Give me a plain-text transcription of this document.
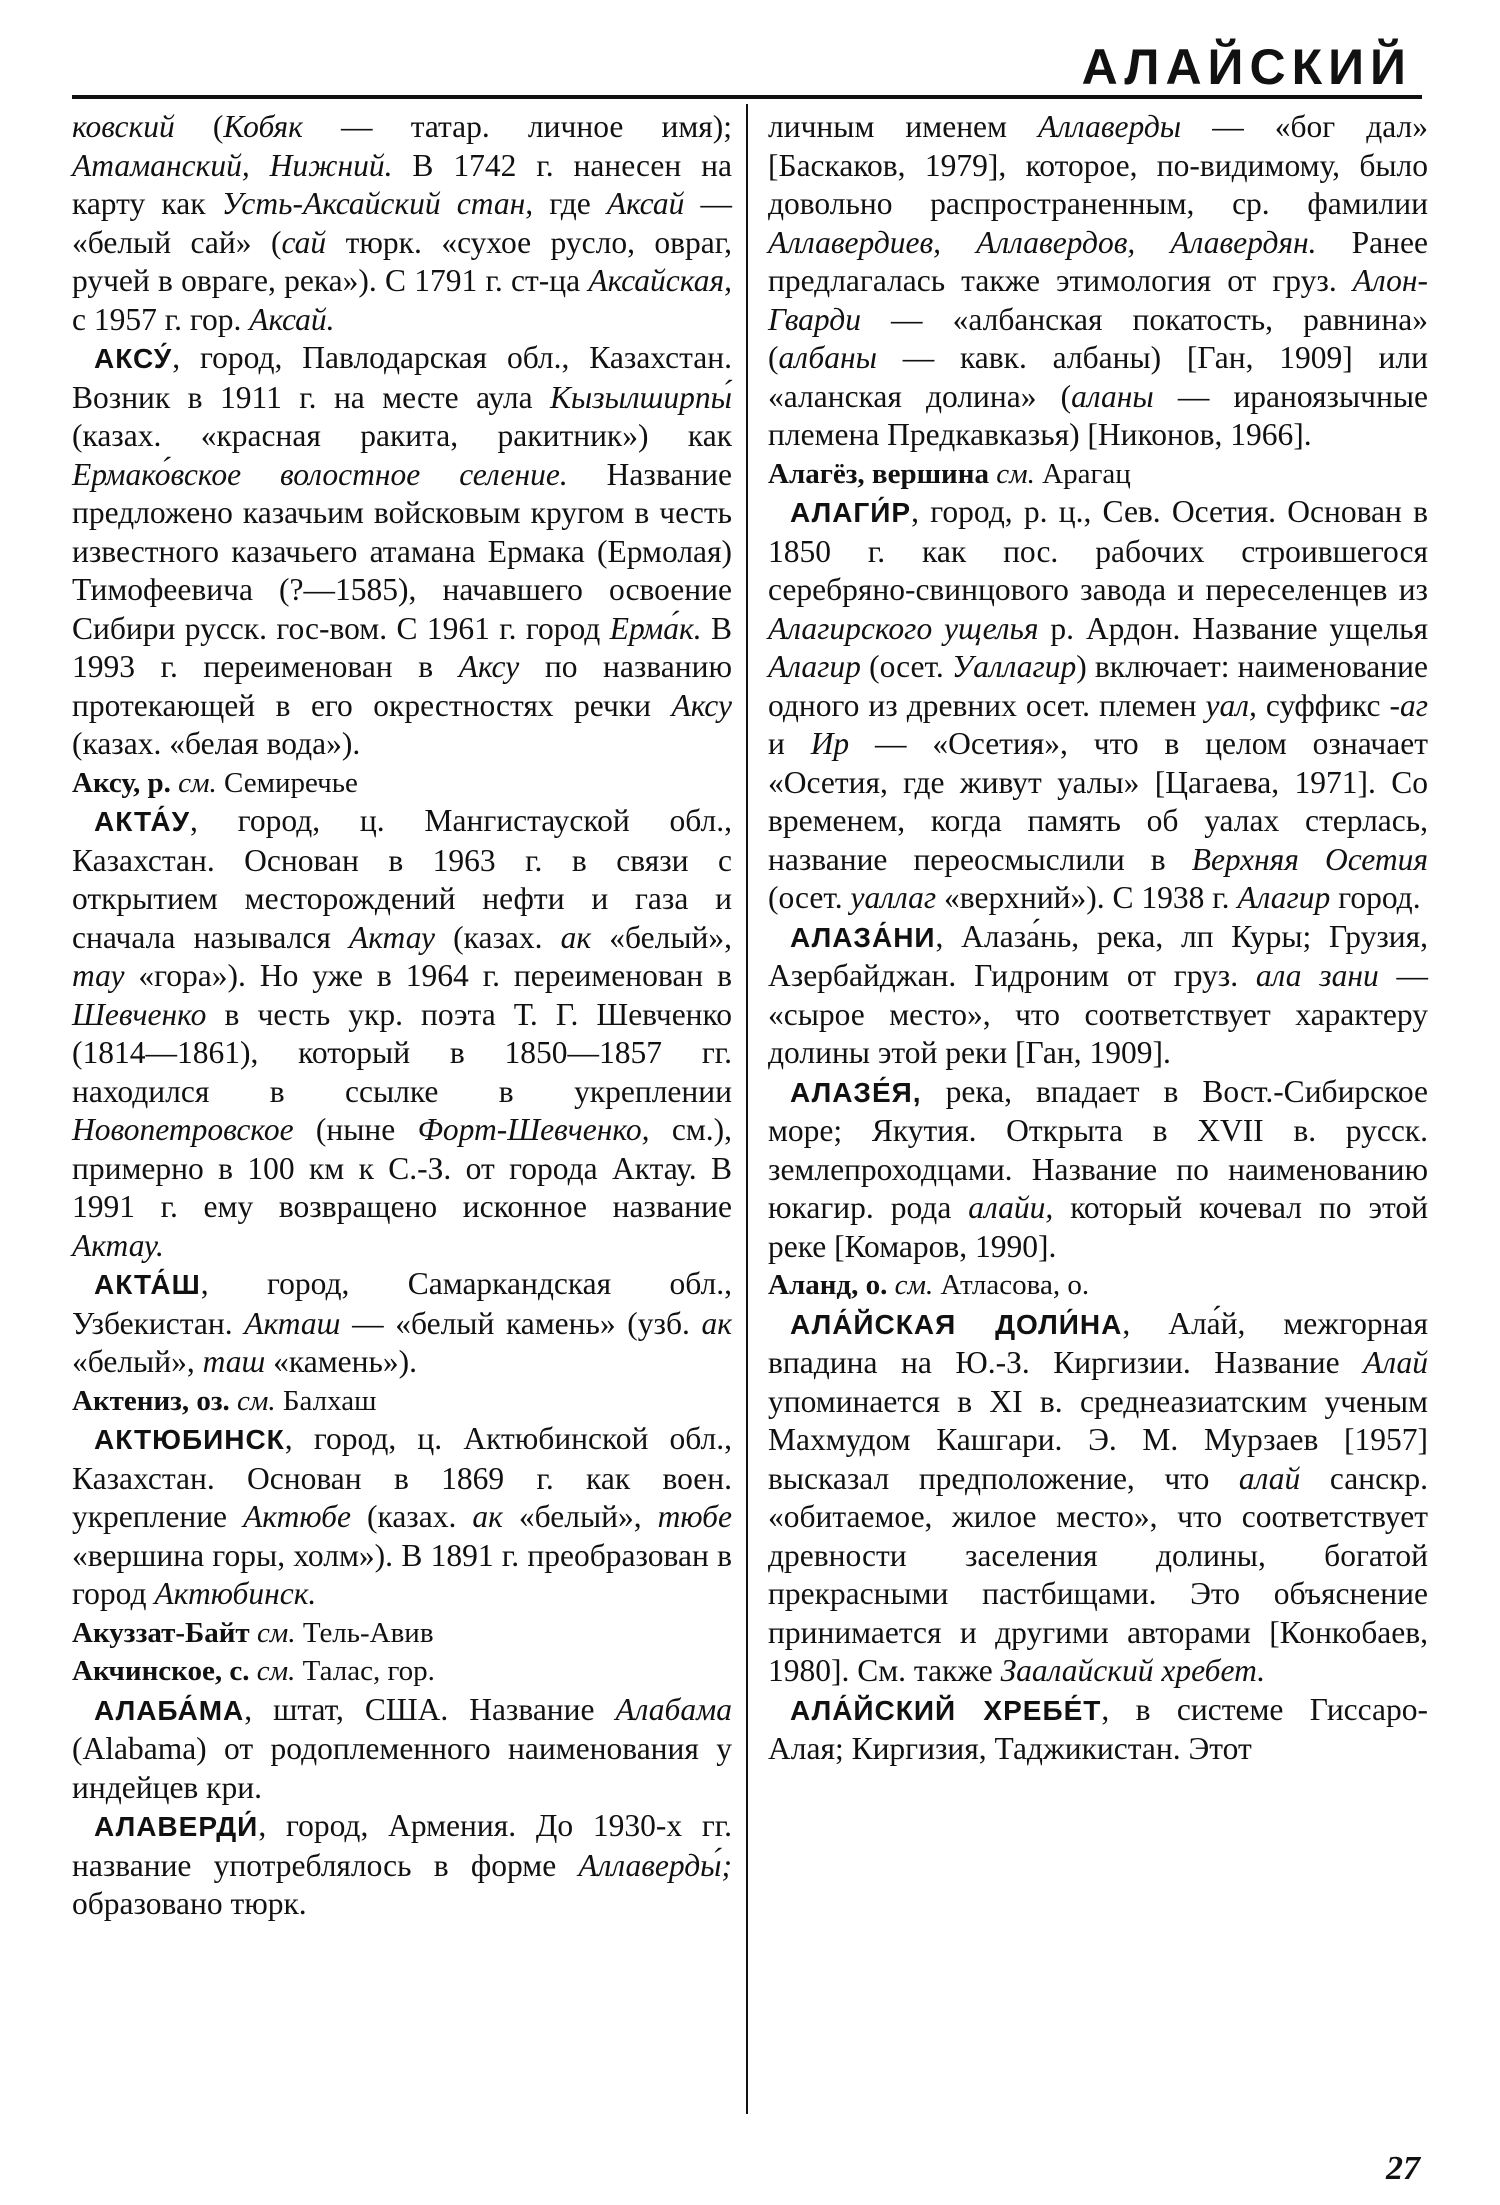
АЛАЙСКИЙ

ковский (Кобяк — татар. личное имя); Атаманский, Нижний. В 1742 г. нанесен на карту как Усть-Аксайский стан, где Аксай — «белый сай» (сай тюрк. «сухое русло, овраг, ручей в овраге, река»). С 1791 г. ст-ца Аксайская, с 1957 г. гор. Аксай.

АКСУ́, город, Павлодарская обл., Казахстан. Возник в 1911 г. на месте аула Кызылширпы́ (казах. «красная ракита, ракитник») как Ермако́вское волостное селение. Название предложено казачьим войсковым кругом в честь известного казачьего атамана Ермака (Ермолая) Тимофеевича (?—1585), начавшего освоение Сибири русск. гос-вом. С 1961 г. город Ерма́к. В 1993 г. переименован в Аксу по названию протекающей в его окрестностях речки Аксу (казах. «белая вода»).

Аксу, р. см. Семиречье

АКТА́У, город, ц. Мангистауской обл., Казахстан. Основан в 1963 г. в связи с открытием месторождений нефти и газа и сначала назывался Актау (казах. ак «белый», тау «гора»). Но уже в 1964 г. переименован в Шевченко в честь укр. поэта Т. Г. Шевченко (1814—1861), который в 1850—1857 гг. находился в ссылке в укреплении Новопетровское (ныне Форт-Шевченко, см.), примерно в 100 км к С.-З. от города Актау. В 1991 г. ему возвращено исконное название Актау.

АКТА́Ш, город, Самаркандская обл., Узбекистан. Акташ — «белый камень» (узб. ак «белый», таш «камень»).

Актениз, оз. см. Балхаш

АКТЮБИНСК, город, ц. Актюбинской обл., Казахстан. Основан в 1869 г. как воен. укрепление Актюбе (казах. ак «белый», тюбе «вершина горы, холм»). В 1891 г. преобразован в город Актюбинск.

Акуззат-Байт см. Тель-Авив

Акчинское, с. см. Талас, гор.

АЛАБА́МА, штат, США. Название Алабама (Alabama) от родоплеменного наименования у индейцев кри.

АЛАВЕРДИ́, город, Армения. До 1930-х гг. название употреблялось в форме Аллаверды́; образовано тюрк.

личным именем Аллаверды — «бог дал» [Баскаков, 1979], которое, по-видимому, было довольно распространенным, ср. фамилии Аллавердиев, Аллавердов, Алавердян. Ранее предлагалась также этимология от груз. Алон-Гварди — «албанская покатость, равнина» (албаны — кавк. албаны) [Ган, 1909] или «аланская долина» (аланы — ираноязычные племена Предкавказья) [Никонов, 1966].

Алагёз, вершина см. Арагац

АЛАГИ́Р, город, р. ц., Сев. Осетия. Основан в 1850 г. как пос. рабочих строившегося серебряно-свинцового завода и переселенцев из Алагирского ущелья р. Ардон. Название ущелья Алагир (осет. Уаллагир) включает: наименование одного из древних осет. племен уал, суффикс -аг и Ир — «Осетия», что в целом означает «Осетия, где живут уалы» [Цагаева, 1971]. Со временем, когда память об уалах стерлась, название переосмыслили в Верхняя Осетия (осет. уаллаг «верхний»). С 1938 г. Алагир город.

АЛАЗА́НИ, Алаза́нь, река, лп Куры; Грузия, Азербайджан. Гидроним от груз. ала зани — «сырое место», что соответствует характеру долины этой реки [Ган, 1909].

АЛАЗЕ́Я, река, впадает в Вост.-Сибирское море; Якутия. Открыта в XVII в. русск. землепроходцами. Название по наименованию юкагир. рода алайи, который кочевал по этой реке [Комаров, 1990].

Аланд, о. см. Атласова, о.

АЛА́ЙСКАЯ ДОЛИ́НА, Ала́й, межгорная впадина на Ю.-З. Киргизии. Название Алай упоминается в XI в. среднеазиатским ученым Махмудом Кашгари. Э. М. Мурзаев [1957] высказал предположение, что алай санскр. «обитаемое, жилое место», что соответствует древности заселения долины, богатой прекрасными пастбищами. Это объяснение принимается и другими авторами [Конкобаев, 1980]. См. также Заалайский хребет.

АЛА́ЙСКИЙ ХРЕБЕ́Т, в системе Гиссаро-Алая; Киргизия, Таджикистан. Этот

27
